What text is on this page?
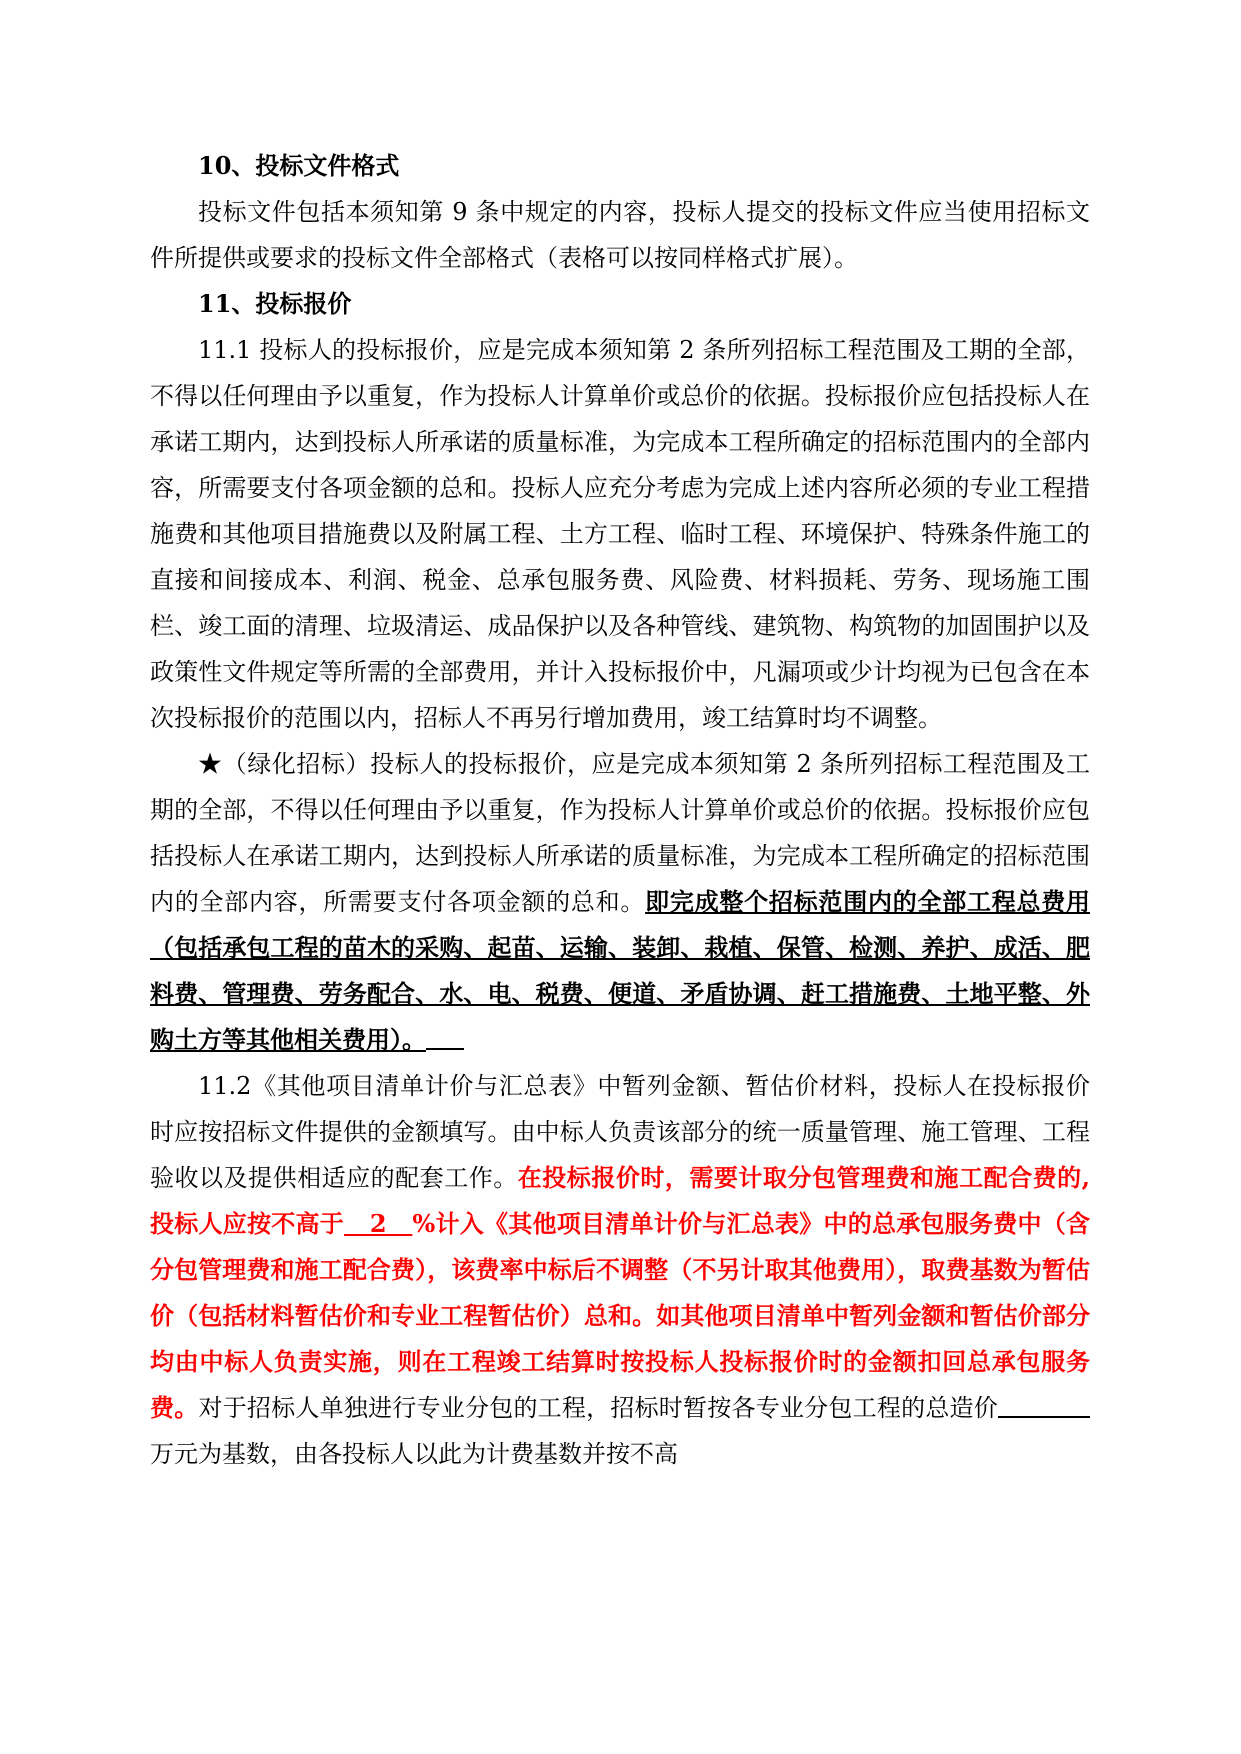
10、投标文件格式

投标文件包括本须知第 9 条中规定的内容，投标人提交的投标文件应当使用招标文件所提供或要求的投标文件全部格式（表格可以按同样格式扩展）。

11、投标报价

11.1 投标人的投标报价，应是完成本须知第 2 条所列招标工程范围及工期的全部，不得以任何理由予以重复，作为投标人计算单价或总价的依据。投标报价应包括投标人在承诺工期内，达到投标人所承诺的质量标准，为完成本工程所确定的招标范围内的全部内容，所需要支付各项金额的总和。投标人应充分考虑为完成上述内容所必须的专业工程措施费和其他项目措施费以及附属工程、土方工程、临时工程、环境保护、特殊条件施工的直接和间接成本、利润、税金、总承包服务费、风险费、材料损耗、劳务、现场施工围栏、竣工面的清理、垃圾清运、成品保护以及各种管线、建筑物、构筑物的加固围护以及政策性文件规定等所需的全部费用，并计入投标报价中，凡漏项或少计均视为已包含在本次投标报价的范围以内，招标人不再另行增加费用，竣工结算时均不调整。

★（绿化招标）投标人的投标报价，应是完成本须知第 2 条所列招标工程范围及工期的全部，不得以任何理由予以重复，作为投标人计算单价或总价的依据。投标报价应包括投标人在承诺工期内，达到投标人所承诺的质量标准，为完成本工程所确定的招标范围内的全部内容，所需要支付各项金额的总和。即完成整个招标范围内的全部工程总费用（包括承包工程的苗木的采购、起苗、运输、装卸、栽植、保管、检测、养护、成活、肥料费、管理费、劳务配合、水、电、税费、便道、矛盾协调、赶工措施费、土地平整、外购土方等其他相关费用）。

11.2《其他项目清单计价与汇总表》中暂列金额、暂估价材料，投标人在投标报价时应按招标文件提供的金额填写。由中标人负责该部分的统一质量管理、施工管理、工程验收以及提供相适应的配套工作。在投标报价时，需要计取分包管理费和施工配合费的,投标人应按不高于   2   %计入《其他项目清单计价与汇总表》中的总承包服务费中（含分包管理费和施工配合费），该费率中标后不调整（不另计取其他费用），取费基数为暂估价（包括材料暂估价和专业工程暂估价）总和。如其他项目清单中暂列金额和暂估价部分均由中标人负责实施，则在工程竣工结算时按投标人投标报价时的金额扣回总承包服务费。对于招标人单独进行专业分包的工程，招标时暂按各专业分包工程的总造价万元为基数，由各投标人以此为计费基数并按不高
